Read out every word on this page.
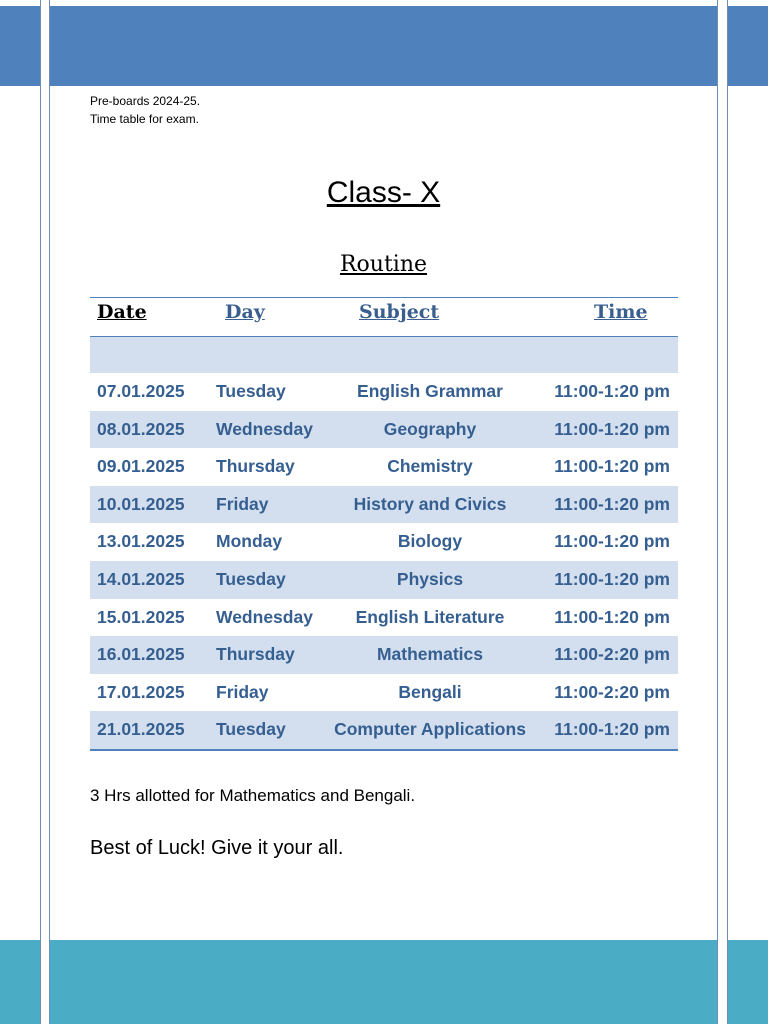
Pre-boards 2024-25.
Time table for exam.
Class- X
Routine
Date	Day	Subject	Time
07.01.2025 Tuesday	English Grammar	11:00-1:20 pm
08.01.2025 Wednesday	Geography	11:00-1:20 pm
09.01.2025 Thursday	Chemistry	11:00-1:20 pm
10.01.2025 Friday	History and Civics	11:00-1:20 pm
13.01.2025 Monday	Biology	11:00-1:20 pm
14.01.2025 Tuesday	Physics	11:00-1:20 pm
15.01.2025 Wednesday	English Literature	11:00-1:20 pm
16.01.2025 Thursday	Mathematics	11:00-2:20 pm
17.01.2025 Friday	Bengali	11:00-2:20 pm
21.01.2025 Tuesday	Computer Applications	11:00-1:20 pm
3 Hrs allotted for Mathematics and Bengali.
Best of Luck! Give it your all.
